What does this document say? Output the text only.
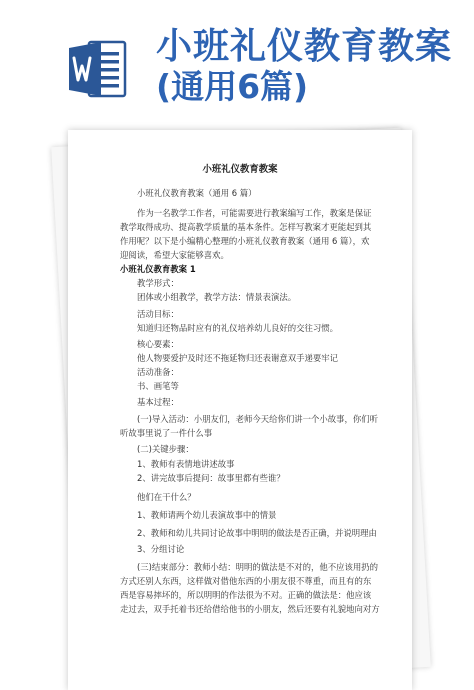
小班礼仪教育教案
(通用6篇)
小班礼仪教育教案
小班礼仪教育教案（通用 6 篇）
作为一名教学工作者，可能需要进行教案编写工作，教案是保证
教学取得成功、提高教学质量的基本条件。怎样写教案才更能起到其
作用呢？以下是小编精心整理的小班礼仪教育教案（通用 6 篇），欢
迎阅读，希望大家能够喜欢。
小班礼仪教育教案 1
教学形式：
团体或小组教学，教学方法：情景表演法。
活动目标：
知道归还物品时应有的礼仪培养幼儿良好的交往习惯。
核心要素：
他人物要爱护及时还不拖延物归还表谢意双手递要牢记
活动准备：
书、画笔等
基本过程：
(一)导入活动：小朋友们，老师今天给你们讲一个小故事，你们听
听故事里说了一件什么事
(二)关键步骤：
1、教师有表情地讲述故事
2、讲完故事后提问：故事里都有些谁？
他们在干什么？
1、教师请两个幼儿表演故事中的情景
2、教师和幼儿共同讨论故事中明明的做法是否正确，并说明理由
3、分组讨论
(三)结束部分：教师小结：明明的做法是不对的，他不应该用扔的
方式还别人东西，这样做对借他东西的小朋友很不尊重，而且有的东
西是容易摔坏的，所以明明的作法很为不对。正确的做法是：他应该
走过去，双手托着书还给借给他书的小朋友，然后还要有礼貌地向对方
